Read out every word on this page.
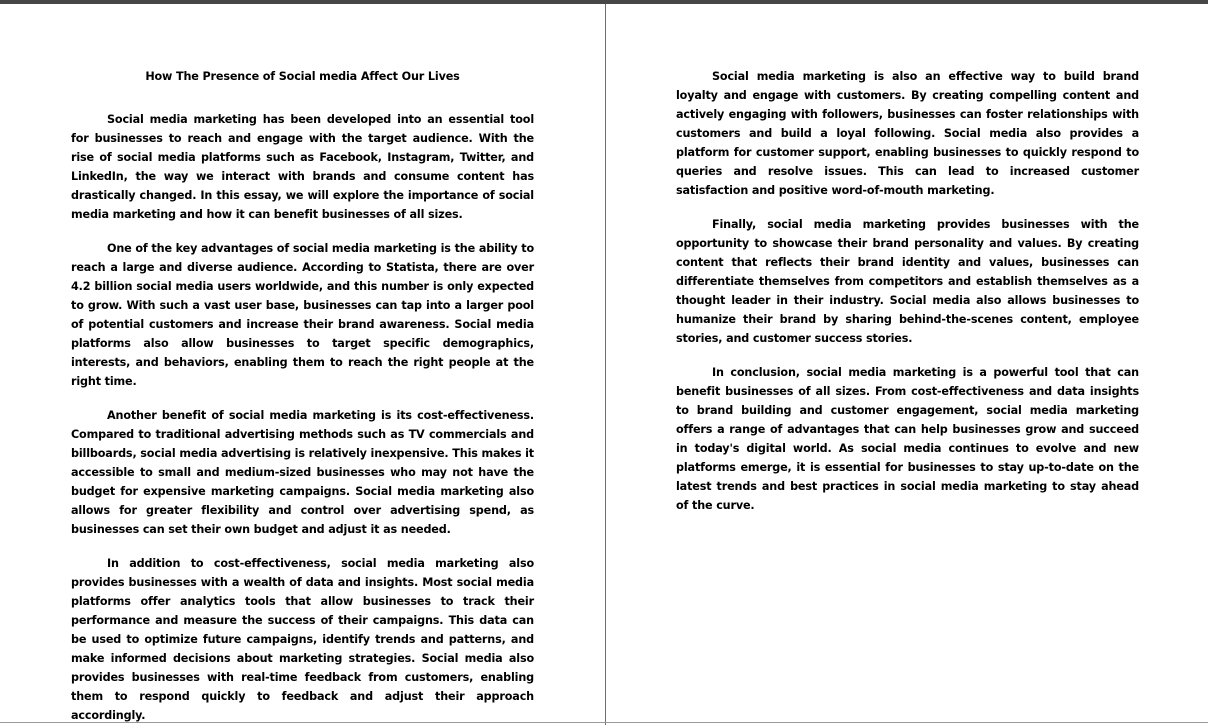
How The Presence of Social media Affect Our Lives

Social media marketing has been developed into an essential tool for businesses to reach and engage with the target audience. With the rise of social media platforms such as Facebook, Instagram, Twitter, and LinkedIn, the way we interact with brands and consume content has drastically changed. In this essay, we will explore the importance of social media marketing and how it can benefit businesses of all sizes.

One of the key advantages of social media marketing is the ability to reach a large and diverse audience. According to Statista, there are over 4.2 billion social media users worldwide, and this number is only expected to grow. With such a vast user base, businesses can tap into a larger pool of potential customers and increase their brand awareness. Social media platforms also allow businesses to target specific demographics, interests, and behaviors, enabling them to reach the right people at the right time.

Another benefit of social media marketing is its cost-effectiveness. Compared to traditional advertising methods such as TV commercials and billboards, social media advertising is relatively inexpensive. This makes it accessible to small and medium-sized businesses who may not have the budget for expensive marketing campaigns. Social media marketing also allows for greater flexibility and control over advertising spend, as businesses can set their own budget and adjust it as needed.

In addition to cost-effectiveness, social media marketing also provides businesses with a wealth of data and insights. Most social media platforms offer analytics tools that allow businesses to track their performance and measure the success of their campaigns. This data can be used to optimize future campaigns, identify trends and patterns, and make informed decisions about marketing strategies. Social media also provides businesses with real-time feedback from customers, enabling them to respond quickly to feedback and adjust their approach accordingly.

Social media marketing is also an effective way to build brand loyalty and engage with customers. By creating compelling content and actively engaging with followers, businesses can foster relationships with customers and build a loyal following. Social media also provides a platform for customer support, enabling businesses to quickly respond to queries and resolve issues. This can lead to increased customer satisfaction and positive word-of-mouth marketing.

Finally, social media marketing provides businesses with the opportunity to showcase their brand personality and values. By creating content that reflects their brand identity and values, businesses can differentiate themselves from competitors and establish themselves as a thought leader in their industry. Social media also allows businesses to humanize their brand by sharing behind-the-scenes content, employee stories, and customer success stories.

In conclusion, social media marketing is a powerful tool that can benefit businesses of all sizes. From cost-effectiveness and data insights to brand building and customer engagement, social media marketing offers a range of advantages that can help businesses grow and succeed in today's digital world. As social media continues to evolve and new platforms emerge, it is essential for businesses to stay up-to-date on the latest trends and best practices in social media marketing to stay ahead of the curve.
